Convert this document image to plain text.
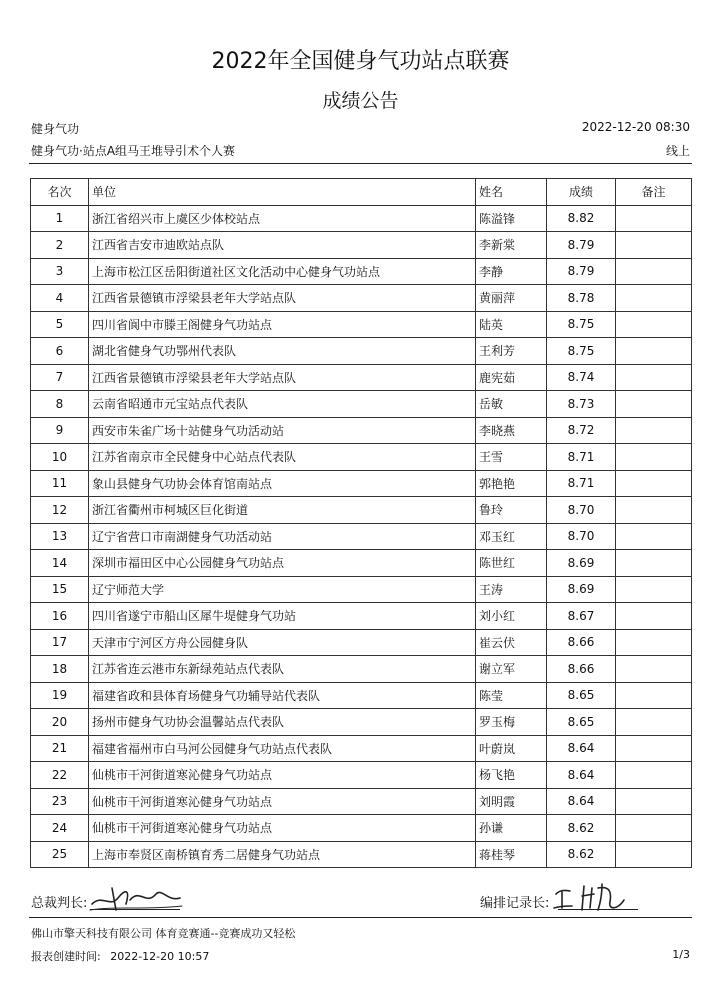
2022年全国健身气功站点联赛
成绩公告
健身气功	2022-12-20 08:30
健身气功·站点A组马王堆导引术个人赛	线上
名次	单位	姓名	成绩	备注
1	浙江省绍兴市上虞区少体校站点	陈溢锋	8.82	
2	江西省吉安市迪欧站点队	李新棠	8.79	
3	上海市松江区岳阳街道社区文化活动中心健身气功站点	李静	8.79	
4	江西省景德镇市浮梁县老年大学站点队	黄丽萍	8.78	
5	四川省阆中市滕王阁健身气功站点	陆英	8.75	
6	湖北省健身气功鄂州代表队	王利芳	8.75	
7	江西省景德镇市浮梁县老年大学站点队	鹿宪茹	8.74	
8	云南省昭通市元宝站点代表队	岳敏	8.73	
9	西安市朱雀广场十站健身气功活动站	李晓燕	8.72	
10	江苏省南京市全民健身中心站点代表队	王雪	8.71	
11	象山县健身气功协会体育馆南站点	郭艳艳	8.71	
12	浙江省衢州市柯城区巨化街道	鲁玲	8.70	
13	辽宁省营口市南湖健身气功活动站	邓玉红	8.70	
14	深圳市福田区中心公园健身气功站点	陈世红	8.69	
15	辽宁师范大学	王涛	8.69	
16	四川省遂宁市船山区犀牛堤健身气功站	刘小红	8.67	
17	天津市宁河区方舟公园健身队	崔云伏	8.66	
18	江苏省连云港市东新绿苑站点代表队	谢立军	8.66	
19	福建省政和县体育场健身气功辅导站代表队	陈莹	8.65	
20	扬州市健身气功协会温馨站点代表队	罗玉梅	8.65	
21	福建省福州市白马河公园健身气功站点代表队	叶蔚岚	8.64	
22	仙桃市干河街道寒沁健身气功站点	杨飞艳	8.64	
23	仙桃市干河街道寒沁健身气功站点	刘明霞	8.64	
24	仙桃市干河街道寒沁健身气功站点	孙谦	8.62	
25	上海市奉贤区南桥镇育秀二居健身气功站点	蒋桂琴	8.62	
总裁判长:	编排记录长:
佛山市擎天科技有限公司 体育竞赛通--竞赛成功又轻松
报表创建时间: 2022-12-20 10:57	1/3
